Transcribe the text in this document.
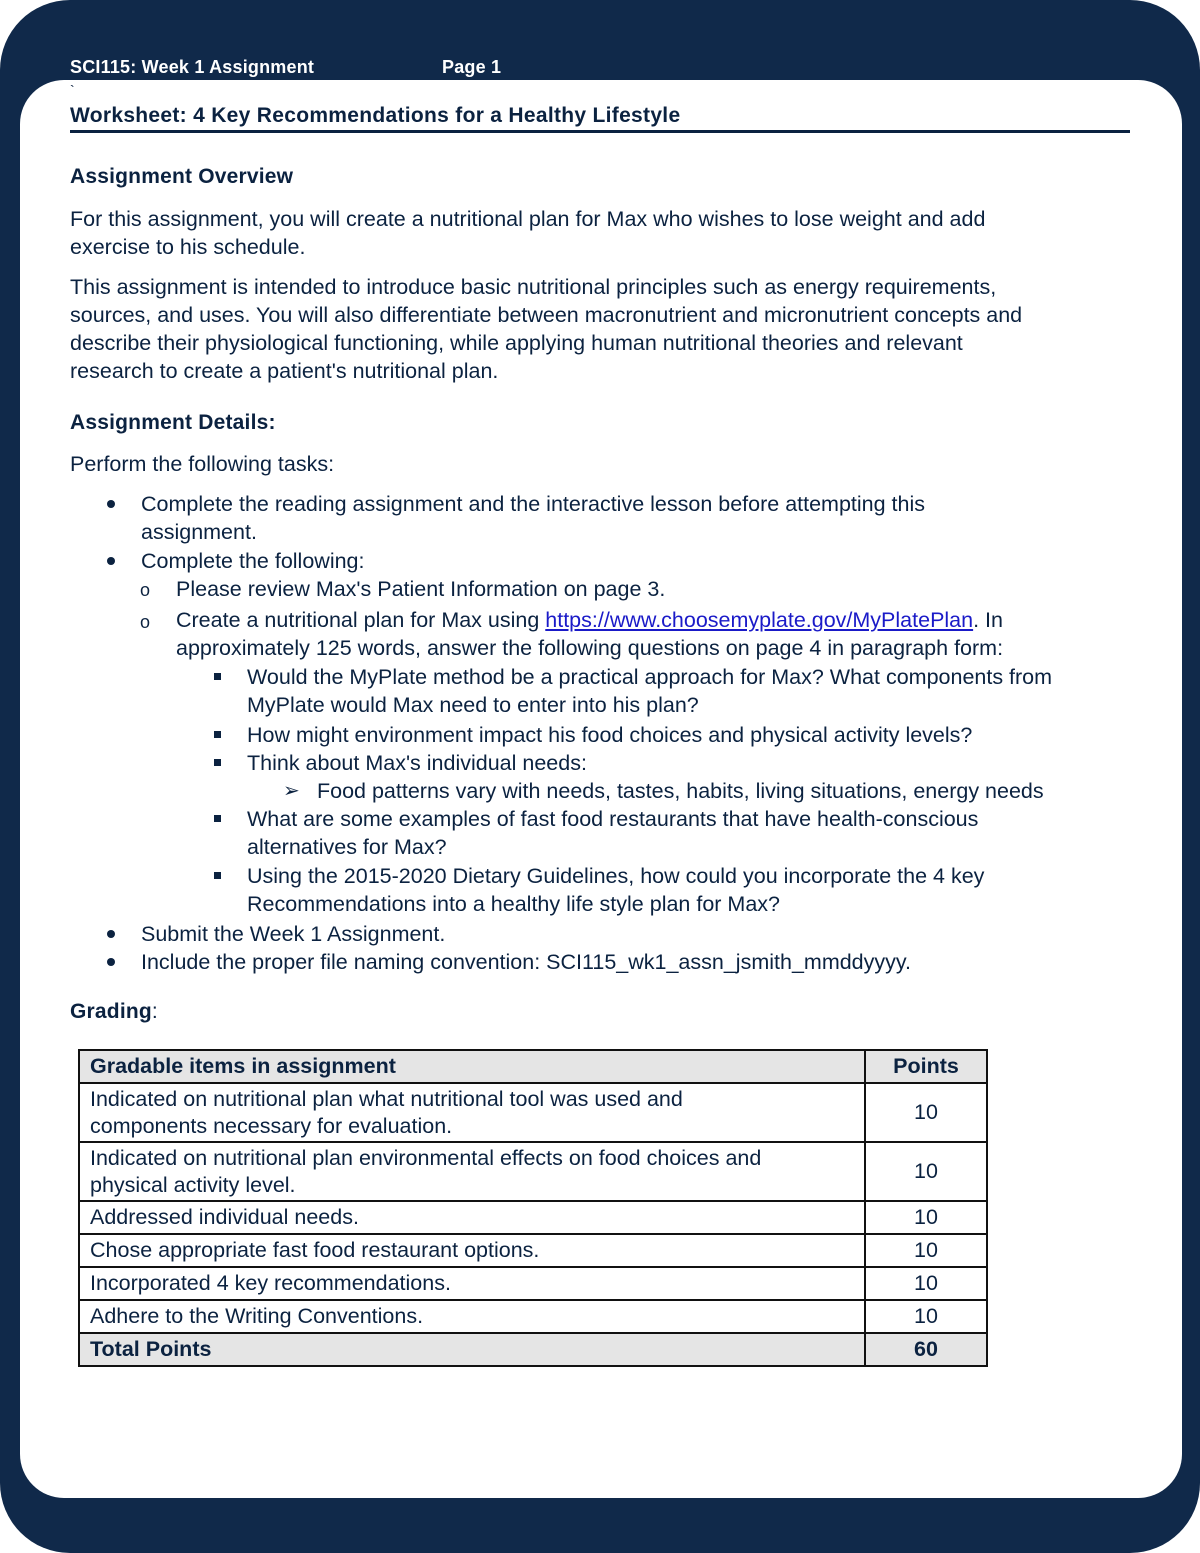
SCI115: Week 1 Assignment	Page 1
`
Worksheet: 4 Key Recommendations for a Healthy Lifestyle
Assignment Overview
For this assignment, you will create a nutritional plan for Max who wishes to lose weight and add
exercise to his schedule.
This assignment is intended to introduce basic nutritional principles such as energy requirements,
sources, and uses. You will also differentiate between macronutrient and micronutrient concepts and
describe their physiological functioning, while applying human nutritional theories and relevant
research to create a patient's nutritional plan.
Assignment Details:
Perform the following tasks:
Complete the reading assignment and the interactive lesson before attempting this
assignment.
Complete the following:
o Please review Max's Patient Information on page 3.
o Create a nutritional plan for Max using https://www.choosemyplate.gov/MyPlatePlan. In
approximately 125 words, answer the following questions on page 4 in paragraph form:
Would the MyPlate method be a practical approach for Max? What components from
MyPlate would Max need to enter into his plan?
How might environment impact his food choices and physical activity levels?
Think about Max's individual needs:
➢ Food patterns vary with needs, tastes, habits, living situations, energy needs
What are some examples of fast food restaurants that have health-conscious
alternatives for Max?
Using the 2015-2020 Dietary Guidelines, how could you incorporate the 4 key
Recommendations into a healthy life style plan for Max?
Submit the Week 1 Assignment.
Include the proper file naming convention: SCI115_wk1_assn_jsmith_mmddyyyy.
Grading:
Gradable items in assignment	Points

Indicated on nutritional plan what nutritional tool was used and
components necessary for evaluation.	10

Indicated on nutritional plan environmental effects on food choices and
physical activity level.	10
Addressed individual needs.	10
Chose appropriate fast food restaurant options.	10
Incorporated 4 key recommendations.	10
Adhere to the Writing Conventions.	10
Total Points	60
